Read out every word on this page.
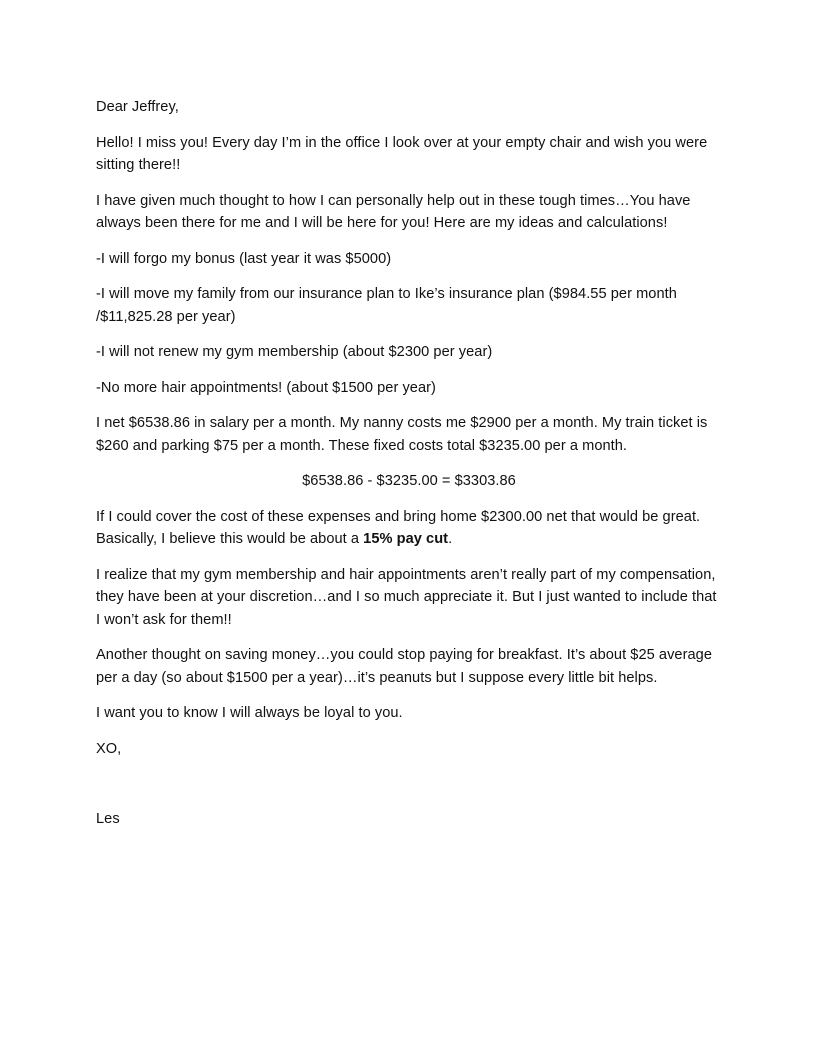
Dear Jeffrey,

Hello! I miss you! Every day I’m in the office I look over at your empty chair and wish you were sitting there!!

I have given much thought to how I can personally help out in these tough times…You have always been there for me and I will be here for you! Here are my ideas and calculations!

-I will forgo my bonus (last year it was $5000)

-I will move my family from our insurance plan to Ike’s insurance plan ($984.55 per month /$11,825.28 per year)

-I will not renew my gym membership (about $2300 per year)

-No more hair appointments! (about $1500 per year)

I net $6538.86 in salary per a month. My nanny costs me $2900 per a month. My train ticket is $260 and parking $75 per a month. These fixed costs total $3235.00 per a month.

$6538.86 - $3235.00 = $3303.86

If I could cover the cost of these expenses and bring home $2300.00 net that would be great. Basically, I believe this would be about a 15% pay cut.

I realize that my gym membership and hair appointments aren’t really part of my compensation, they have been at your discretion…and I so much appreciate it. But I just wanted to include that I won’t ask for them!!

Another thought on saving money…you could stop paying for breakfast. It’s about $25 average per a day (so about $1500 per a year)…it’s peanuts but I suppose every little bit helps.

I want you to know I will always be loyal to you.

XO,

Les
